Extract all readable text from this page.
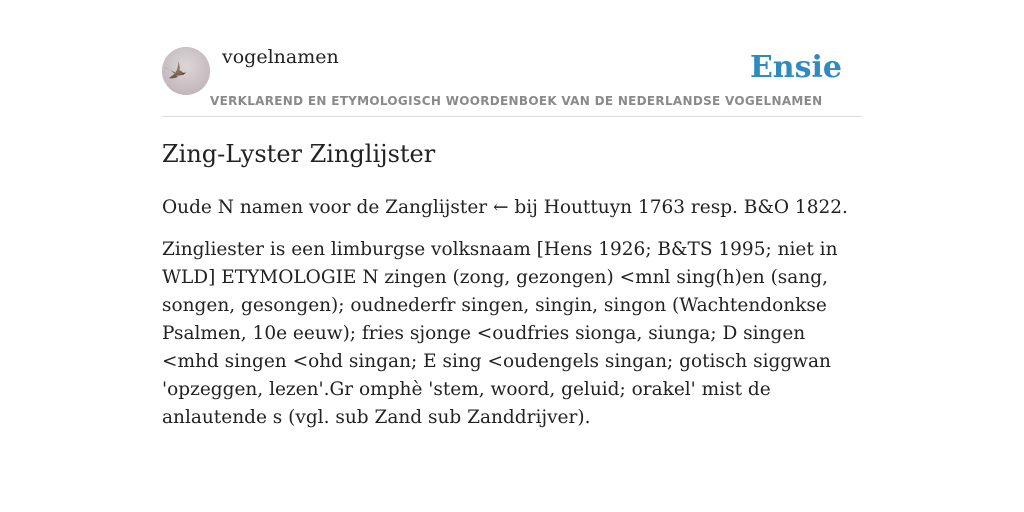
vogelnamen
VERKLAREND EN ETYMOLOGISCH WOORDENBOEK VAN DE NEDERLANDSE VOGELNAMEN
Ensie
Zing-Lyster Zinglijster

Oude N namen voor de Zanglijster ← bij Houttuyn 1763 resp. B&O 1822.

Zingliester is een limburgse volksnaam [Hens 1926; B&TS 1995; niet in WLD] ETYMOLOGIE N zingen (zong, gezongen) <mnl sing(h)en (sang, songen, gesongen); oudnederfr singen, singin, singon (Wachtendonkse Psalmen, 10e eeuw); fries sjonge <oudfries sionga, siunga; D singen <mhd singen <ohd singan; E sing <oudengels singan; gotisch siggwan 'opzeggen, lezen'.Gr omphè 'stem, woord, geluid; orakel' mist de anlautende s (vgl. sub Zand sub Zanddrijver).
